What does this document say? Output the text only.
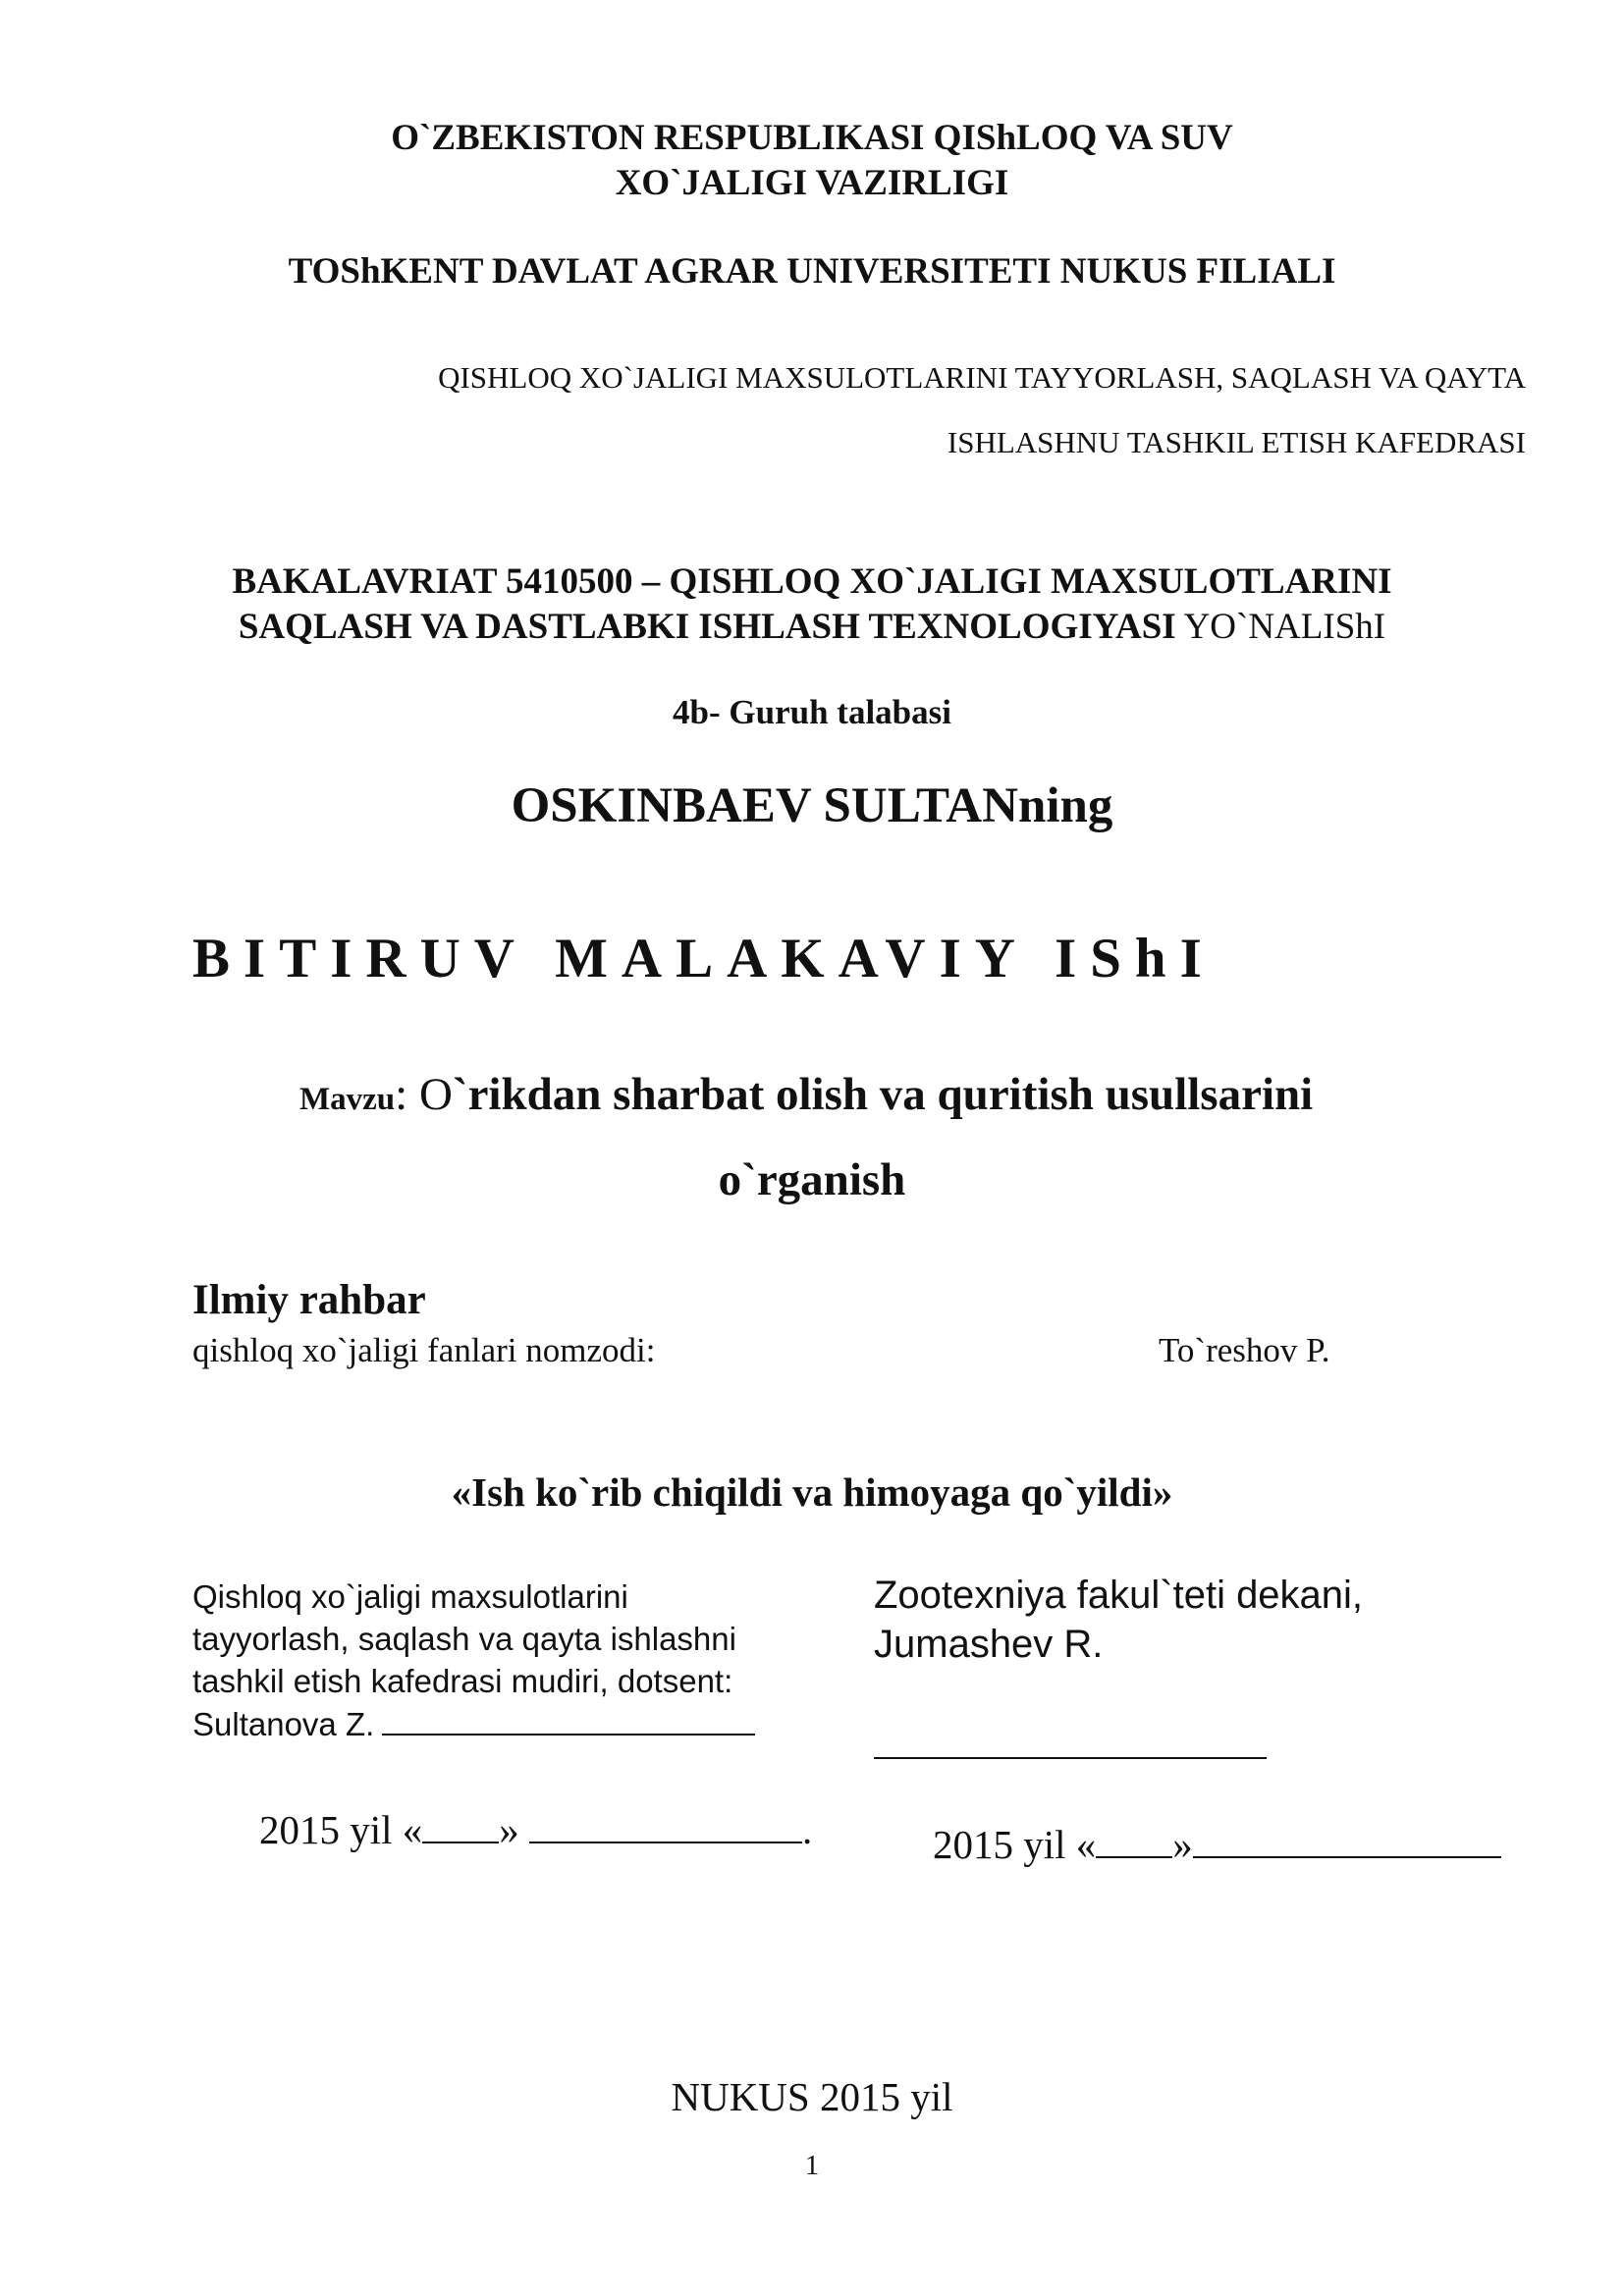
O`ZBEKISTON RESPUBLIKASI QIShLOQ VA SUV
XO`JALIGI VAZIRLIGI
TOShKENT DAVLAT AGRAR UNIVERSITETI NUKUS FILIALI
QISHLOQ XO`JALIGI MAXSULOTLARINI TAYYORLASH, SAQLASH VA QAYTA
ISHLASHNU TASHKIL ETISH KAFEDRASI
BAKALAVRIAT 5410500 – QISHLOQ XO`JALIGI MAXSULOTLARINI
SAQLASH VA DASTLABKI ISHLASH TEXNOLOGIYASI YO`NALIShI
4b- Guruh talabasi
OSKINBAEV SULTANning
BITIRUV MALAKAVIY IShI
Mavzu: O`rikdan sharbat olish va quritish usullsarini
o`rganish
Ilmiy rahbar
qishloq xo`jaligi fanlari nomzodi:	To`reshov P.
«Ish ko`rib chiqildi va himoyaga qo`yildi»
Qishloq xo`jaligi maxsulotlarini
tayyorlash, saqlash va qayta ishlashni
tashkil etish kafedrasi mudiri, dotsent:
Sultanova Z.
Zootexniya fakul`teti dekani,
Jumashev R.
2015 yil « »	.	2015 yil « »
NUKUS 2015 yil
1
